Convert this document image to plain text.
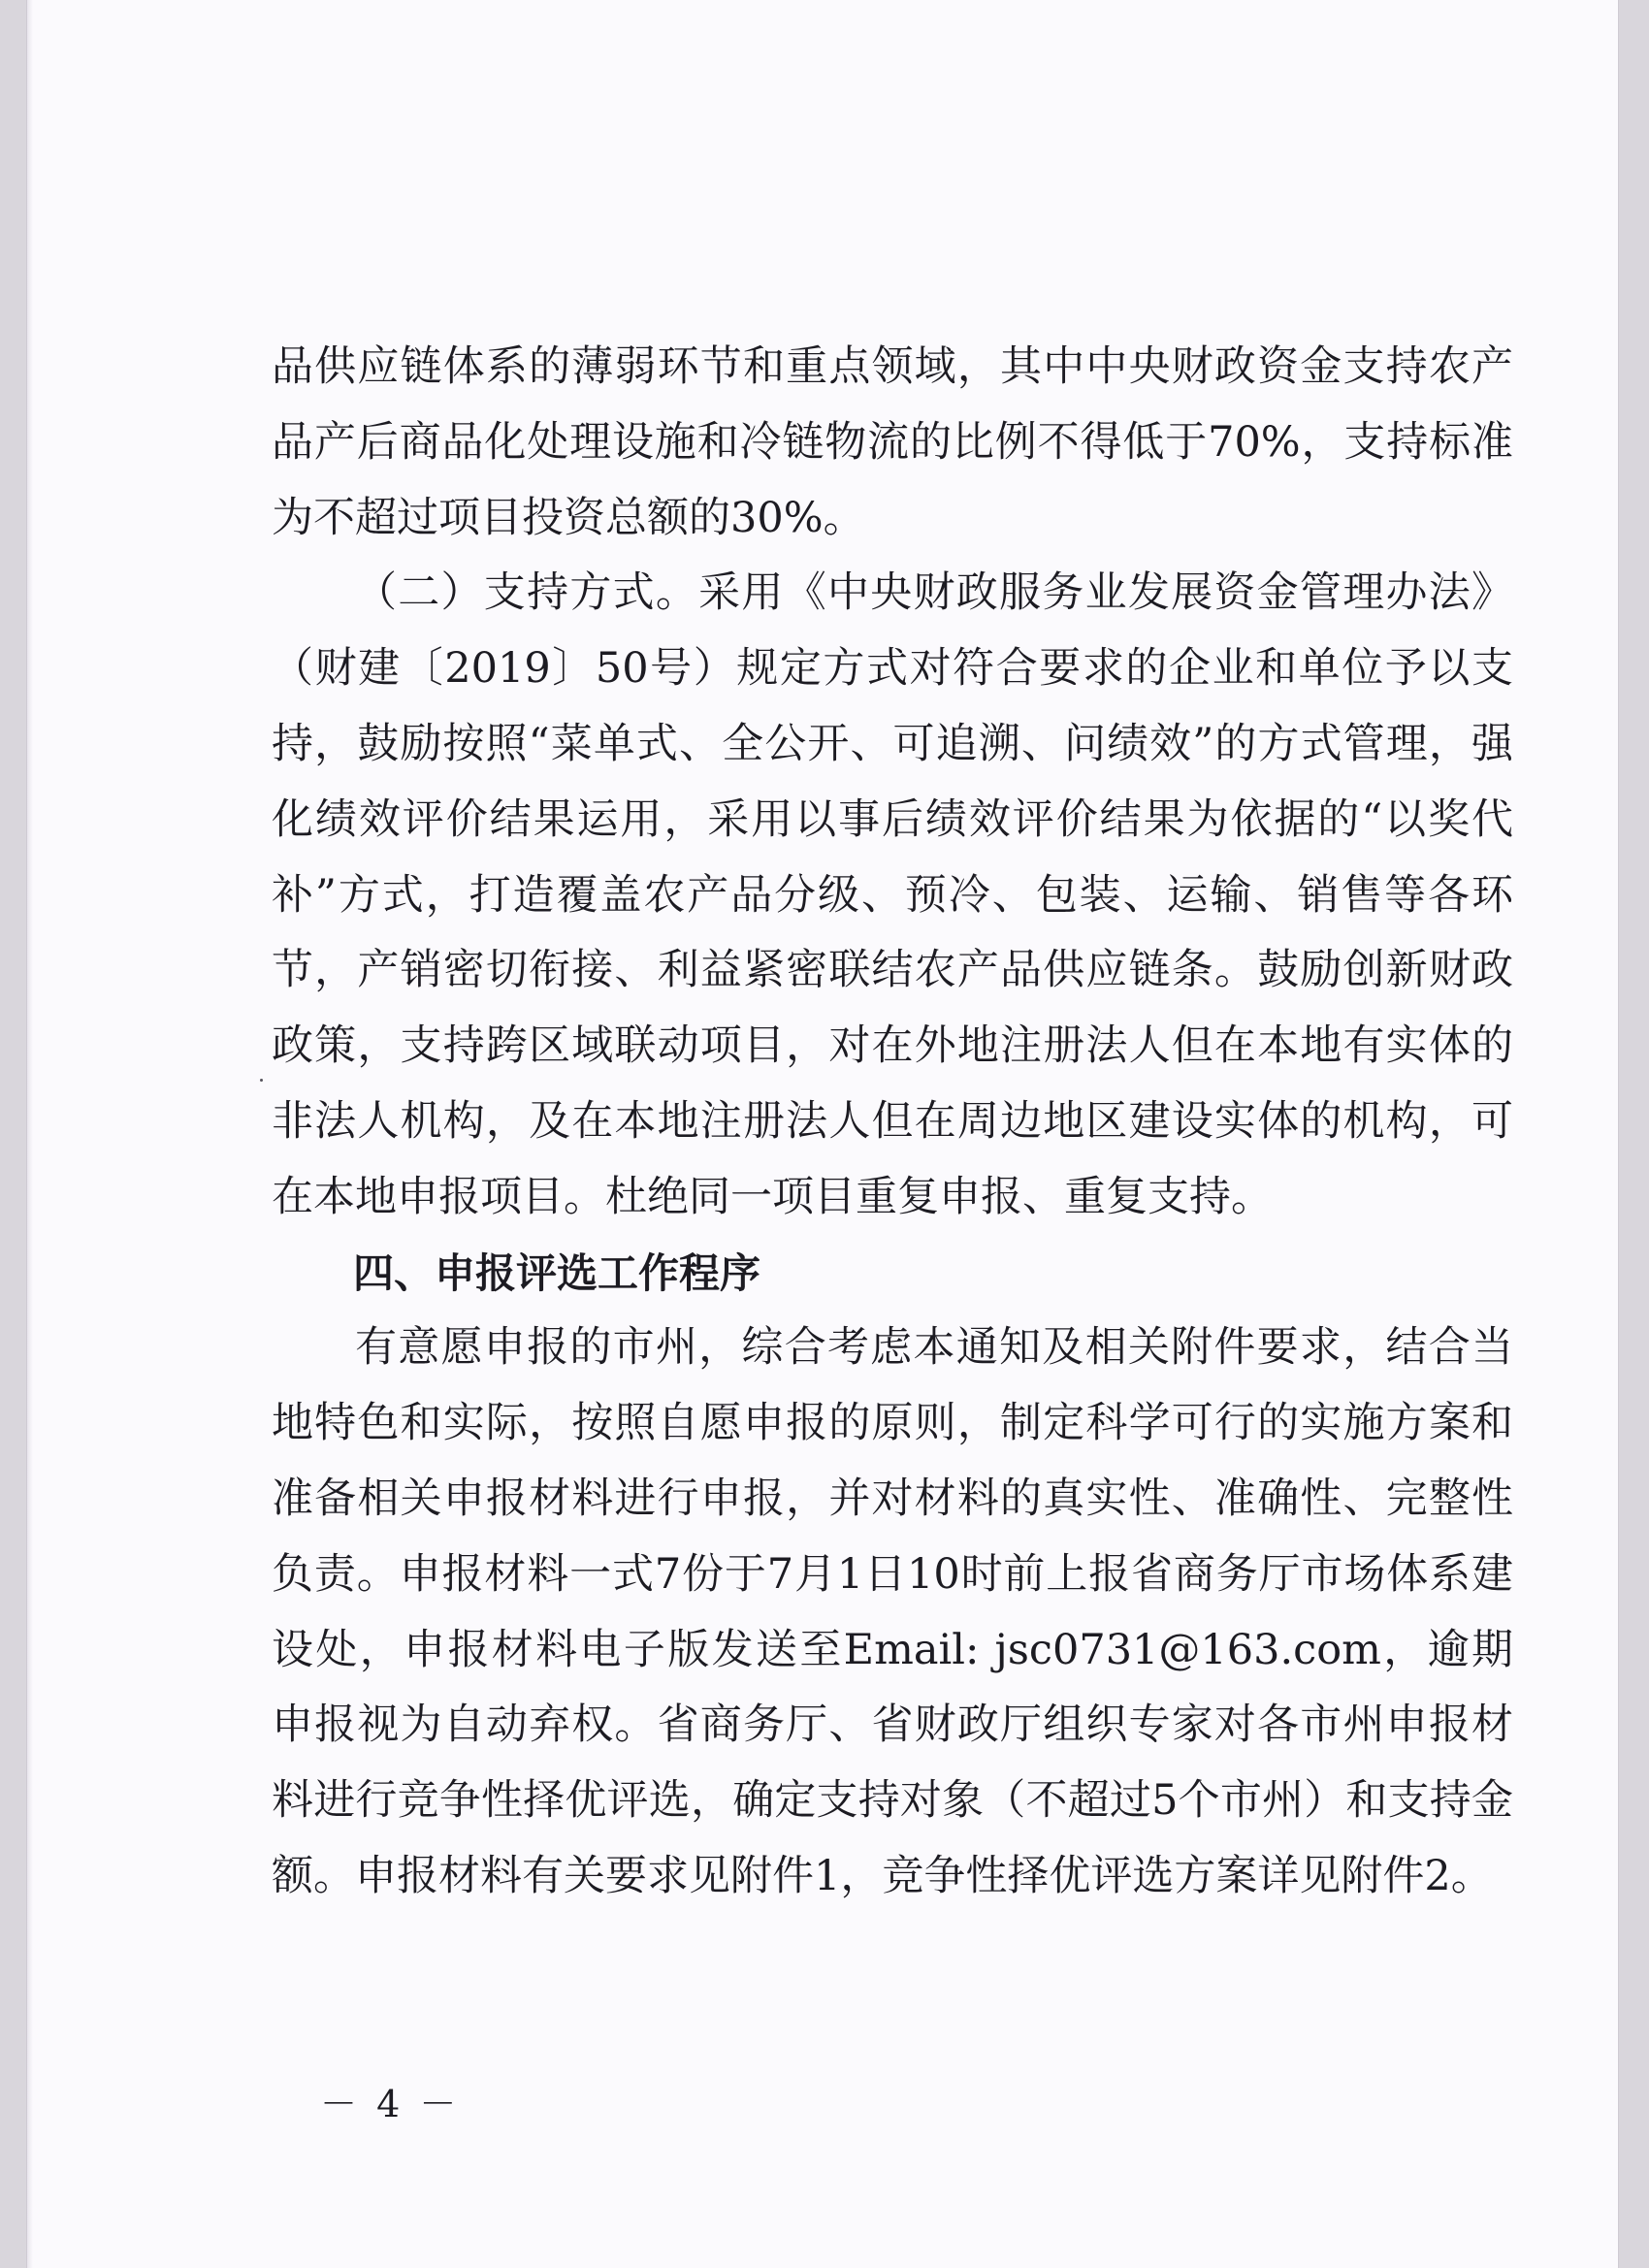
品供应链体系的薄弱环节和重点领域，其中中央财政资金支持农产品产后商品化处理设施和冷链物流的比例不得低于70%，支持标准为不超过项目投资总额的30%。

（二）支持方式。采用《中央财政服务业发展资金管理办法》（财建〔2019〕50号）规定方式对符合要求的企业和单位予以支持，鼓励按照“菜单式、全公开、可追溯、问绩效”的方式管理，强化绩效评价结果运用，采用以事后绩效评价结果为依据的“以奖代补”方式，打造覆盖农产品分级、预冷、包装、运输、销售等各环节，产销密切衔接、利益紧密联结农产品供应链条。鼓励创新财政政策，支持跨区域联动项目，对在外地注册法人但在本地有实体的非法人机构，及在本地注册法人但在周边地区建设实体的机构，可在本地申报项目。杜绝同一项目重复申报、重复支持。

四、申报评选工作程序

有意愿申报的市州，综合考虑本通知及相关附件要求，结合当地特色和实际，按照自愿申报的原则，制定科学可行的实施方案和准备相关申报材料进行申报，并对材料的真实性、准确性、完整性负责。申报材料一式7份于7月1日10时前上报省商务厅市场体系建设处，申报材料电子版发送至Email: jsc0731@163.com，逾期申报视为自动弃权。省商务厅、省财政厅组织专家对各市州申报材料进行竞争性择优评选，确定支持对象（不超过5个市州）和支持金额。申报材料有关要求见附件1，竞争性择优评选方案详见附件2。

－ 4 －
